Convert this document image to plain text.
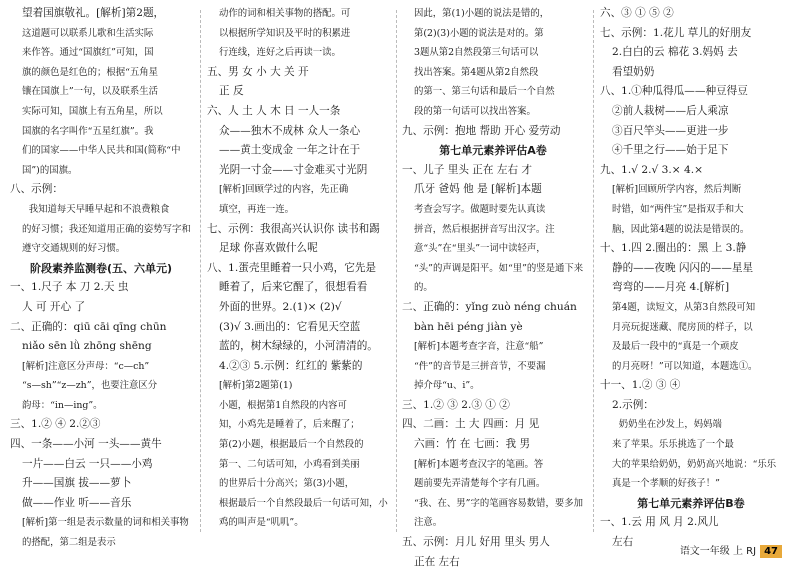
望着国旗敬礼。[解析]第2题，

这道题可以联系儿歌和生活实际

来作答。通过“国旗红”可知，国

旗的颜色是红色的；根据“五角星

镶在国旗上”一句，以及联系生活

实际可知，国旗上有五角星，所以

国旗的名字叫作“五星红旗”。我

们的国家——中华人民共和国(简称“中国”)的国旗。

八、示例：

我知道每天早睡早起和不浪费粮食

的好习惯；我还知道用正确的姿势写字和

遵守交通规则的好习惯。

阶段素养监测卷(五、六单元)

一、1.尺子 本 刀 2.天 虫

人 可 开心 了

二、正确的：qiū cāi qīng chūn

niǎo sēn lǜ zhōng shēng

[解析]注意区分声母：“c—ch”

“s—sh”“z—zh”，也要注意区分

韵母：“in—ing”。

三、1.② ④ 2.②③

四、一条——小河 一头——黄牛

一片——白云 一只——小鸡

升——国旗 拔——萝卜

做——作业 听——音乐

[解析]第一组是表示数量的词和相关事物的搭配，第二组是表示

动作的词和相关事物的搭配。可

以根据所学知识及平时的积累进

行连线，连好之后再读一读。

五、男 女 小 大 关 开

正 反

六、人 土 人 木 日 一人一条

众——独木不成林 众人一条心

——黄土变成金 一年之计在于

光阴一寸金——寸金难买寸光阴

[解析]回顾学过的内容，先正确

填空，再连一连。

七、示例：我很高兴认识你 读书和踢

足球 你喜欢做什么呢

八、1.蛋壳里睡着一只小鸡，它先是

睡着了，后来它醒了，很想看看

外面的世界。2.(1)× (2)√

(3)√ 3.画出的：它看见天空蓝

蓝的，树木绿绿的，小河清清的。

4.②③ 5.示例：红红的 紫紫的

[解析]第2题第(1)

小题，根据第1自然段的内容可

知，小鸡先是睡着了，后来醒了；

第(2)小题，根据最后一个自然段的

第一、二句话可知，小鸡看到美丽

的世界后十分高兴；第(3)小题，

根据最后一个自然段最后一句话可知，小鸡的叫声是“叽叽”。

因此，第(1)小题的说法是错的，

第(2)(3)小题的说法是对的。第

3题从第2自然段第三句话可以

找出答案。第4题从第2自然段

的第一、第三句话和最后一个自然

段的第一句话可以找出答案。

九、示例：抱地 帮助 开心 爱劳动

第七单元素养评估A卷

一、儿子 里头 正在 左右 才

爪牙 爸妈 他 是 [解析]本题

考查会写字。做题时要先认真读

拼音，然后根据拼音写出汉字。注

意“头”在“里头”一词中读轻声，

“头”的声调是阳平。如“里”的竖是通下来的。

二、正确的：yǐng zuò néng chuán

bàn hēi péng jiàn yè

[解析]本题考查字音，注意“船”

“件”的音节是三拼音节，不要漏

掉介母“u、i”。

三、1.② ③ 2.③ ① ②

四、二画：土 大 四画：月 见

六画：竹 在 七画：我 男

[解析]本题考查汉字的笔画。答

题前要先弄清楚每个字有几画。

“我、在、男”字的笔画容易数错，要多加注意。

五、示例：月儿 好用 里头 男人

正在 左右

六、③ ① ⑤ ②

七、示例：1.花儿 草儿的好朋友

2.白白的云 棉花 3.妈妈 去

看望奶奶

八、1.①种瓜得瓜——种豆得豆

②前人栽树——后人乘凉

③百尺竿头——更进一步

④千里之行——始于足下

九、1.√ 2.√ 3.× 4.×

[解析]回顾所学内容，然后判断

时错，如“两件宝”是指双手和大

脑，因此第4题的说法是错误的。

十、1.四 2.圈出的：黑 上 3.静

静的——夜晚 闪闪的——星星

弯弯的——月亮 4.[解析]

第4题，读短文，从第3自然段可知

月亮玩捉迷藏、爬房顶的样子，以

及最后一段中的“真是一个顽皮

的月亮呀！”可以知道，本题选①。

十一、1.② ③ ④

2.示例：

奶奶坐在沙发上，妈妈端

来了苹果。乐乐挑选了一个最

大的苹果给奶奶，奶奶高兴地说：“乐乐真是一个孝顺的好孩子！”

第七单元素养评估B卷

一、1.云 用 风 月 2.风儿

左右

语文一年级 上 RJ 47
